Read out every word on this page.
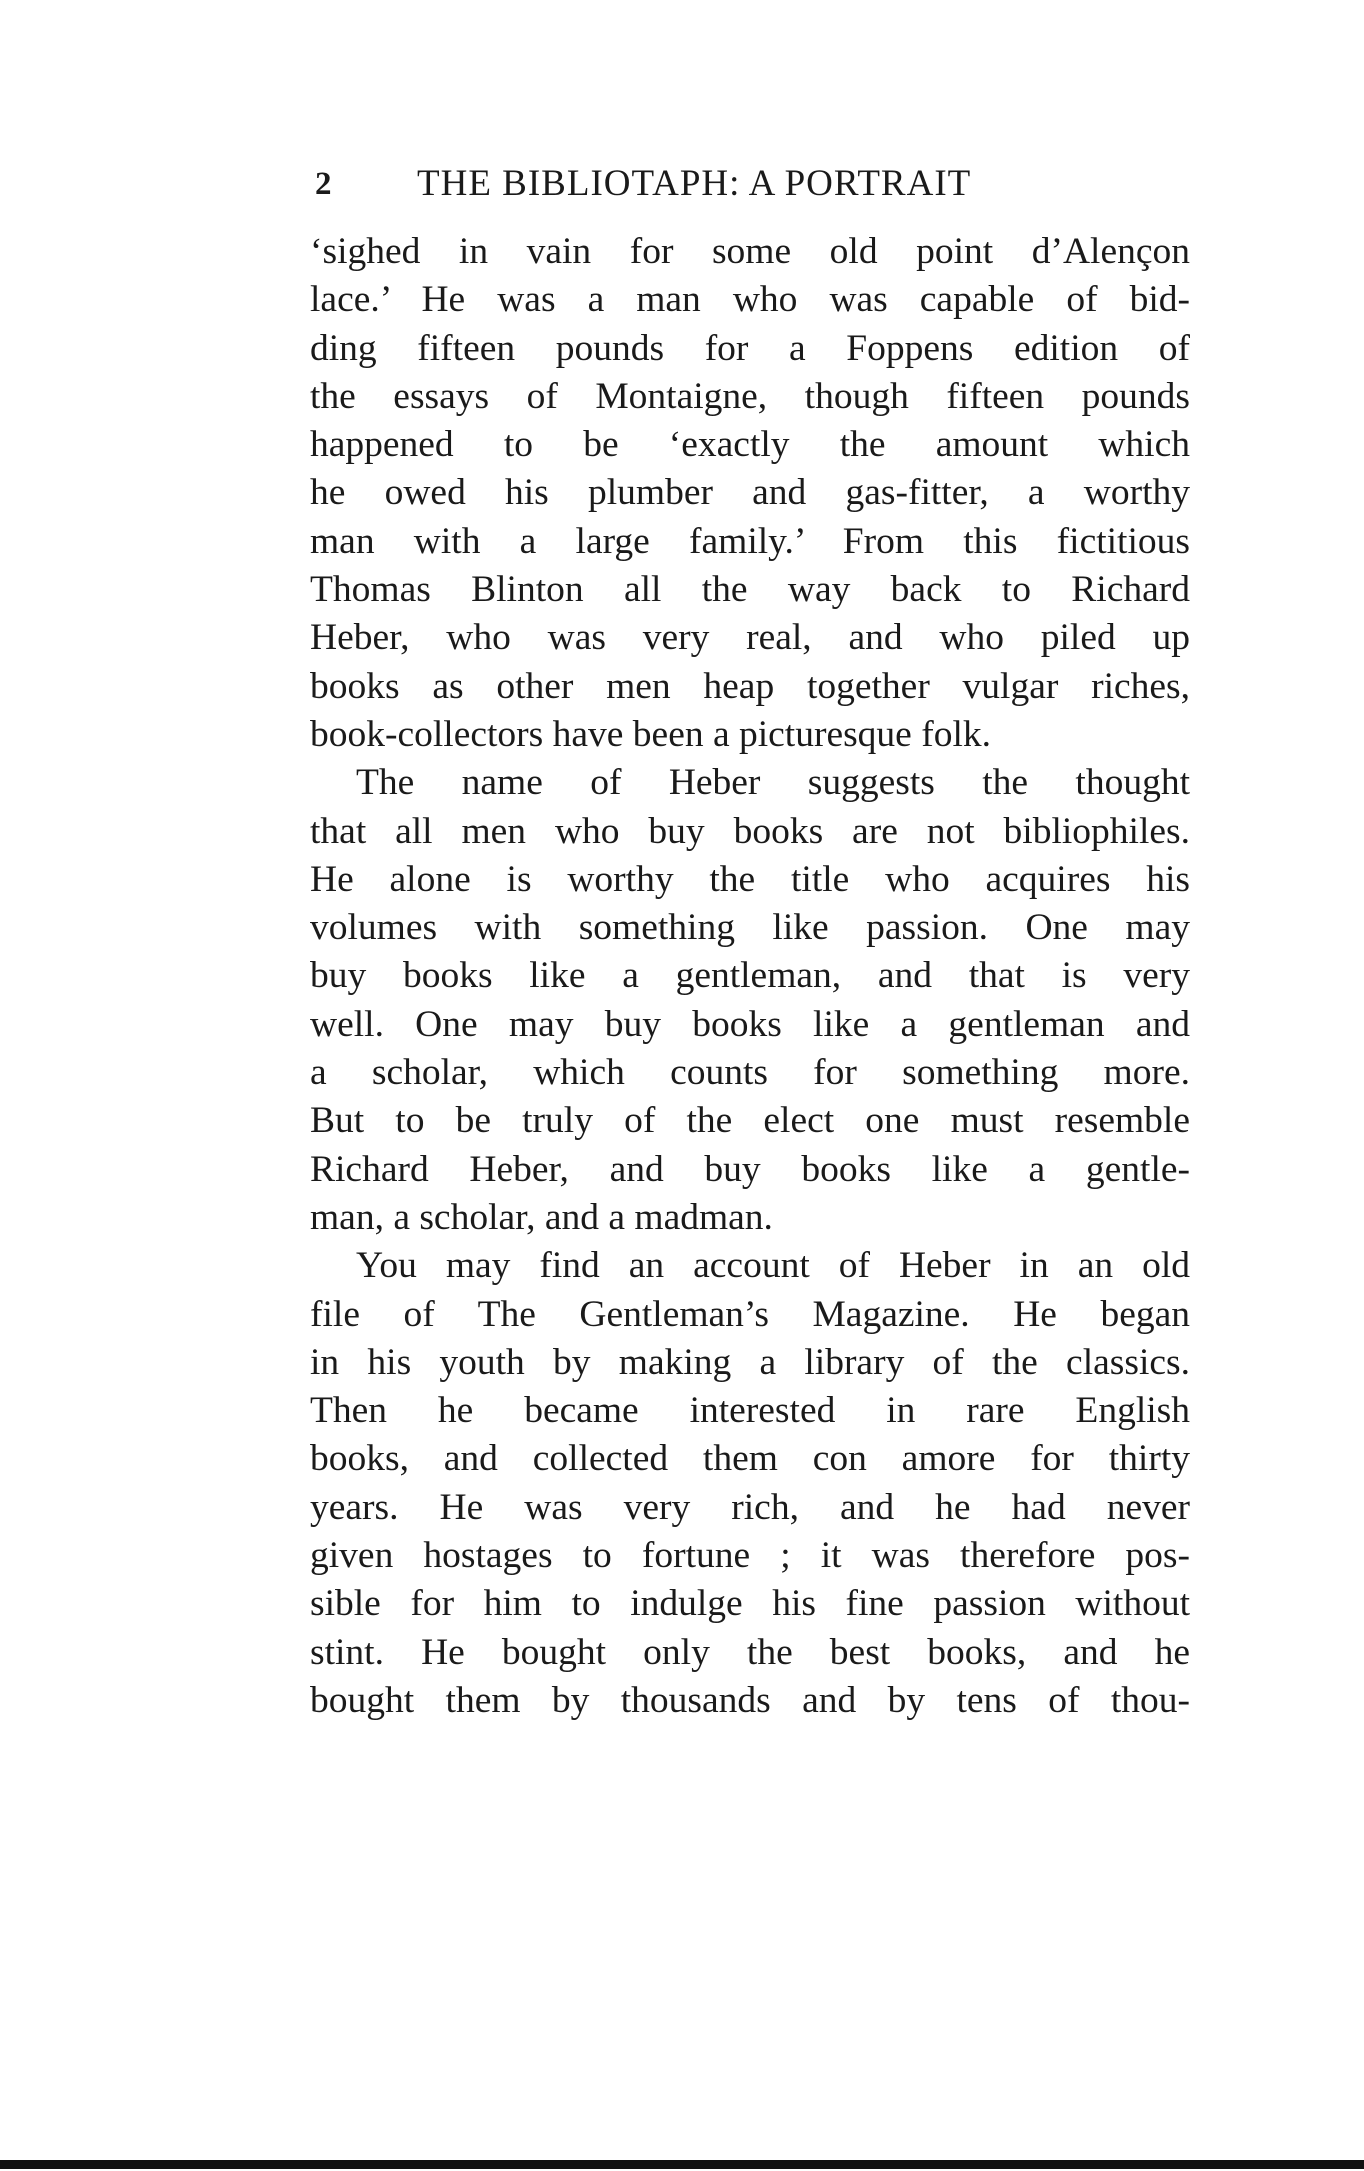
2 THE BIBLIOTAPH: A PORTRAIT
‘sighed in vain for some old point d’Alençon
lace.’ He was a man who was capable of bid-
ding fifteen pounds for a Foppens edition of
the essays of Montaigne, though fifteen pounds
happened to be ‘exactly the amount which
he owed his plumber and gas-fitter, a worthy
man with a large family.’ From this fictitious
Thomas Blinton all the way back to Richard
Heber, who was very real, and who piled up
books as other men heap together vulgar riches,
book-collectors have been a picturesque folk.
The name of Heber suggests the thought
that all men who buy books are not bibliophiles.
He alone is worthy the title who acquires his
volumes with something like passion. One may
buy books like a gentleman, and that is very
well. One may buy books like a gentleman and
a scholar, which counts for something more.
But to be truly of the elect one must resemble
Richard Heber, and buy books like a gentle-
man, a scholar, and a madman.
You may find an account of Heber in an old
file of The Gentleman’s Magazine. He began
in his youth by making a library of the classics.
Then he became interested in rare English
books, and collected them con amore for thirty
years. He was very rich, and he had never
given hostages to fortune ; it was therefore pos-
sible for him to indulge his fine passion without
stint. He bought only the best books, and he
bought them by thousands and by tens of thou-
